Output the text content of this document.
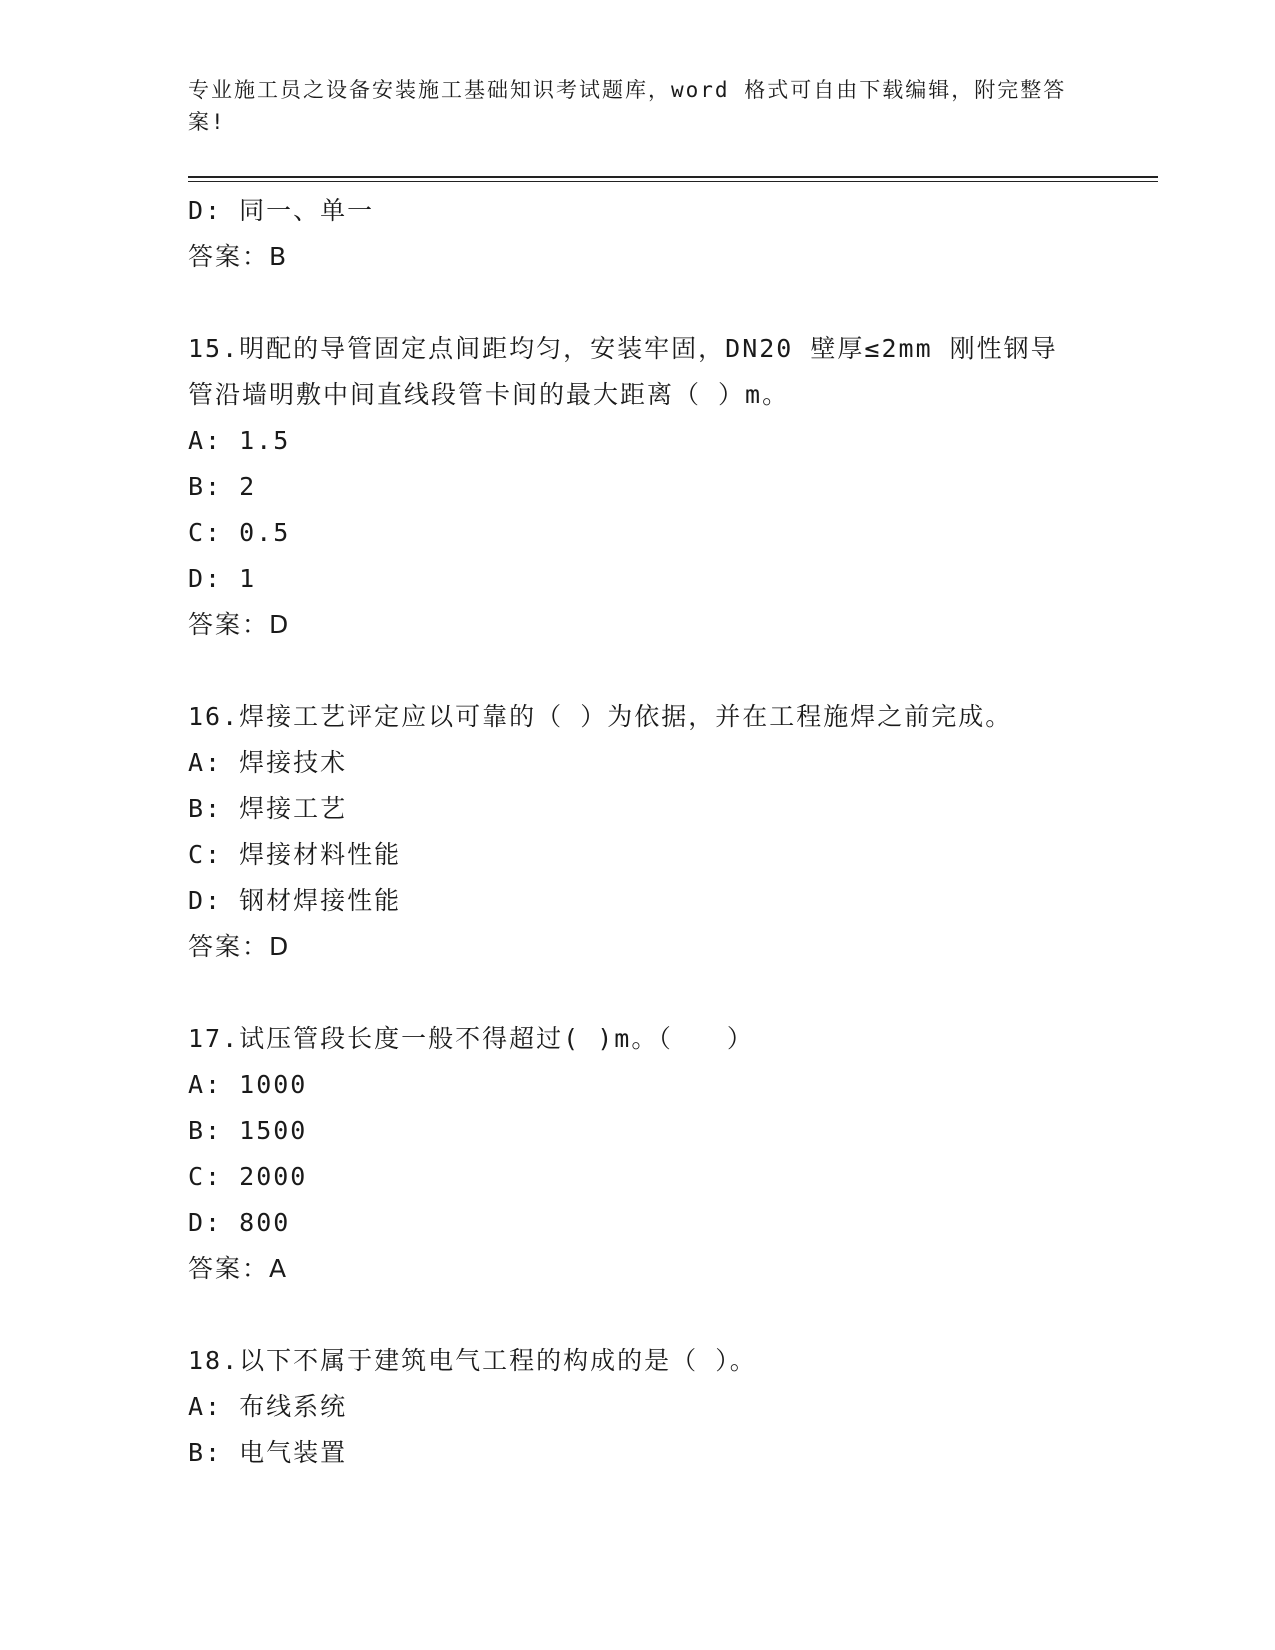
专业施工员之设备安装施工基础知识考试题库，word 格式可自由下载编辑，附完整答案!
D: 同一、单一
答案：B
15.明配的导管固定点间距均匀，安装牢固，DN20 壁厚≤2mm 刚性钢导
管沿墙明敷中间直线段管卡间的最大距离（ ）m。
A: 1.5
B: 2
C: 0.5
D: 1
答案：D
16.焊接工艺评定应以可靠的（ ）为依据，并在工程施焊之前完成。
A: 焊接技术
B: 焊接工艺
C: 焊接材料性能
D: 钢材焊接性能
答案：D
17.试压管段长度一般不得超过( )m。（　　）
A: 1000
B: 1500
C: 2000
D: 800
答案：A
18.以下不属于建筑电气工程的构成的是（ ）。
A: 布线系统
B: 电气装置
